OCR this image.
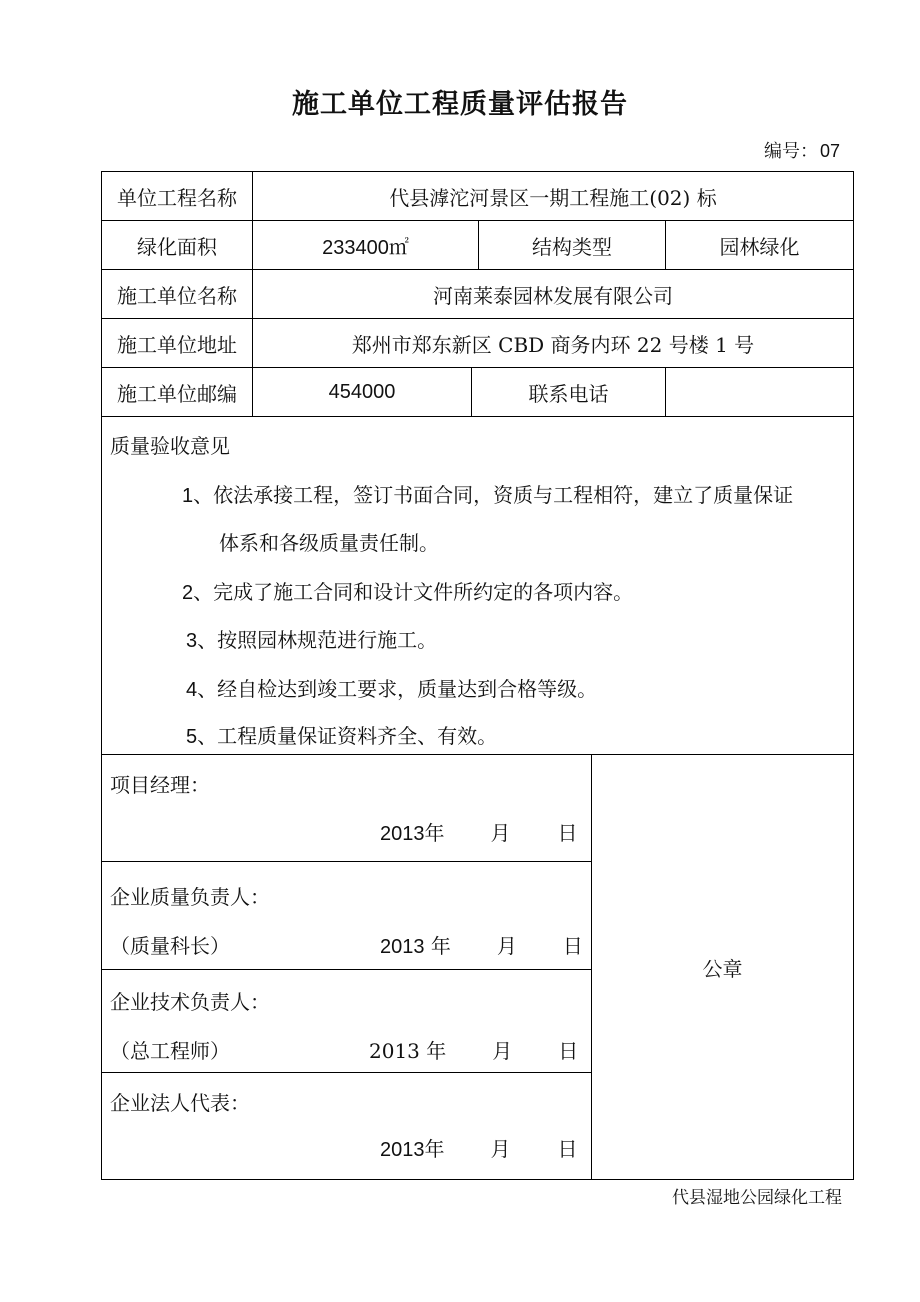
施工单位工程质量评估报告
编号： 07
单位工程名称	代县滹沱河景区一期工程施工(02) 标
绿化面积	233400㎡	结构类型	园林绿化
施工单位名称	河南莱泰园林发展有限公司
施工单位地址	郑州市郑东新区 CBD 商务内环 22 号楼 1 号
施工单位邮编	454000	联系电话
质量验收意见
1、依法承接工程，签订书面合同，资质与工程相符，建立了质量保证
体系和各级质量责任制。
2、完成了施工合同和设计文件所约定的各项内容。
3、按照园林规范进行施工。
4、经自检达到竣工要求，质量达到合格等级。
5、工程质量保证资料齐全、有效。
项目经理：
2013年 月 日
企业质量负责人：
（质量科长）	2013 年 月 日
企业技术负责人：
（总工程师）	2013 年 月 日
企业法人代表：
2013年 月 日
公章
代县湿地公园绿化工程
